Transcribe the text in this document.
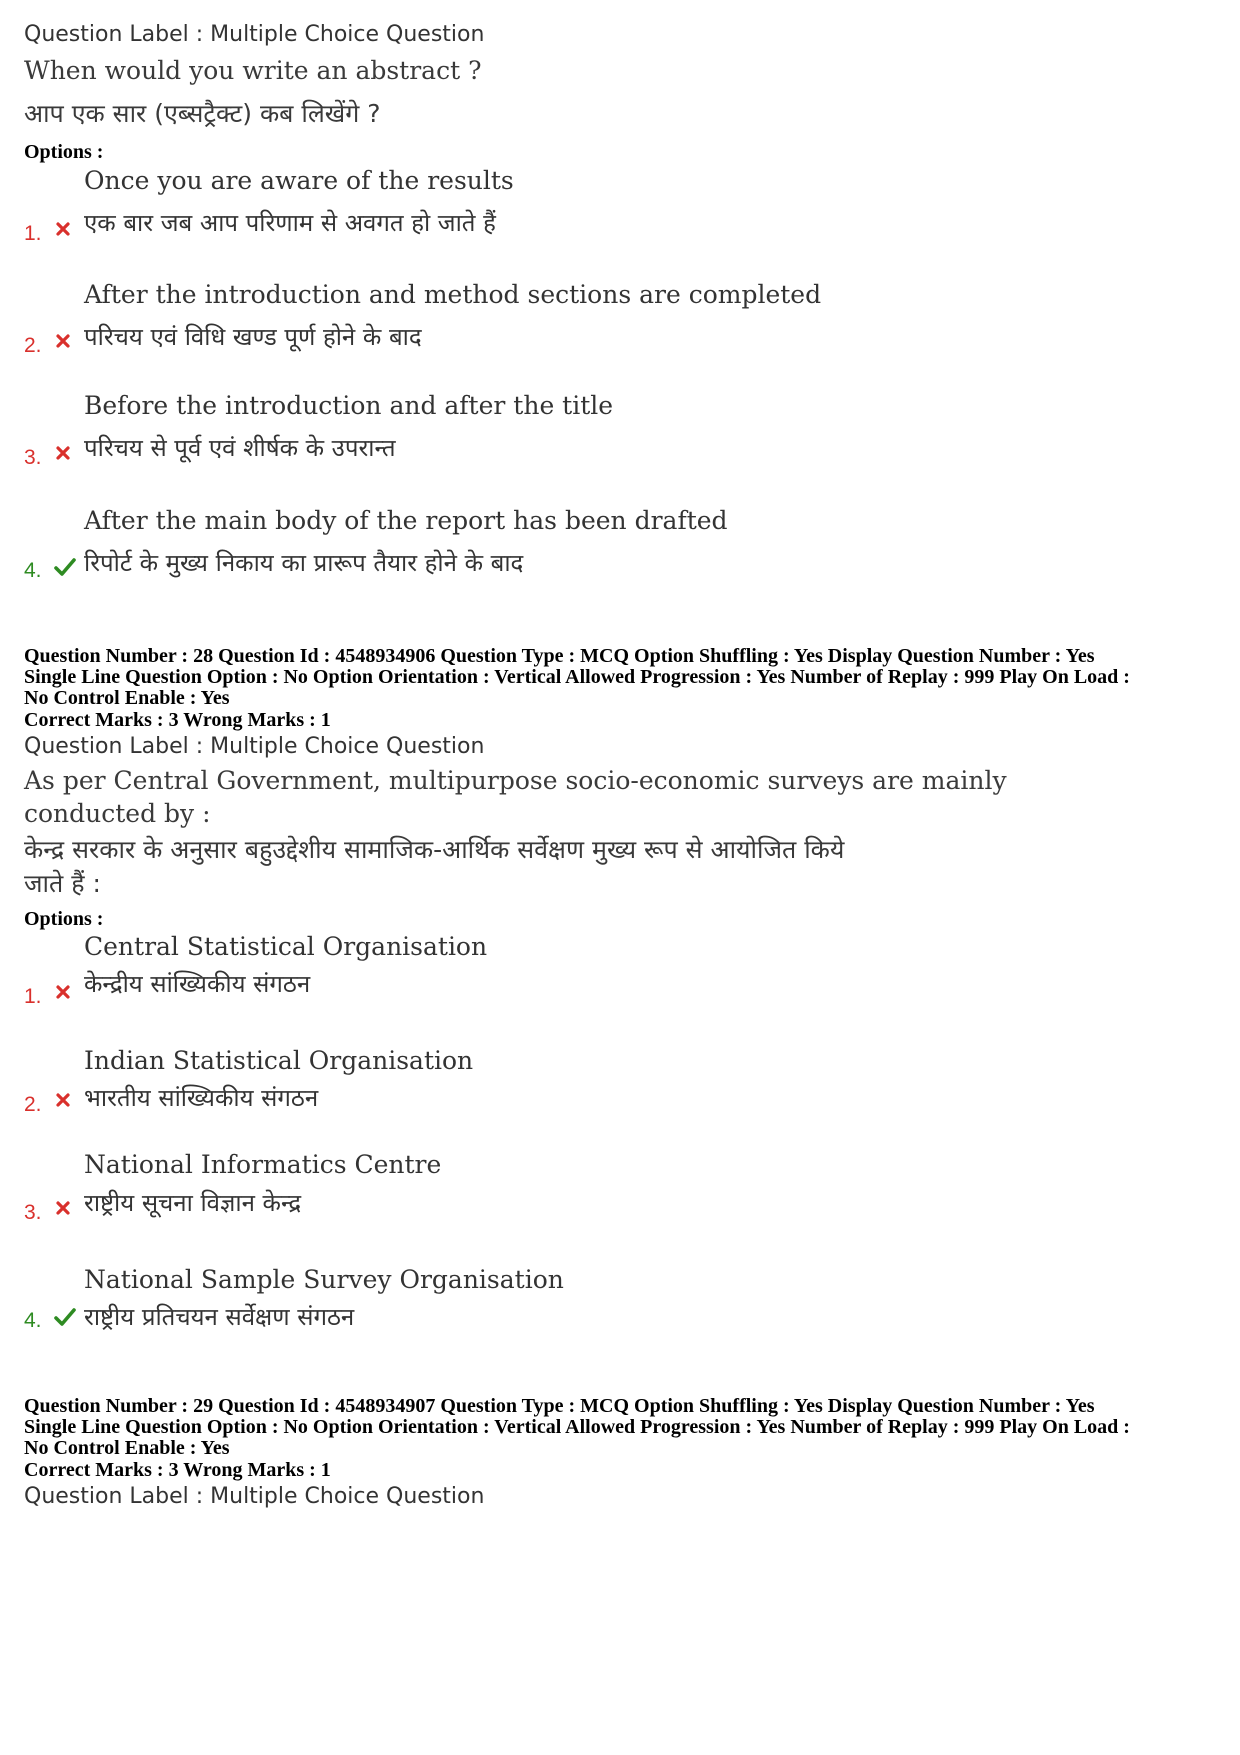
Question Label : Multiple Choice Question
When would you write an abstract ?
आप एक सार (एब्सट्रैक्ट) कब लिखेंगे ?
Options :
Once you are aware of the results
एक बार जब आप परिणाम से अवगत हो जाते हैं
1.
After the introduction and method sections are completed
परिचय एवं विधि खण्ड पूर्ण होने के बाद
2.
Before the introduction and after the title
परिचय से पूर्व एवं शीर्षक के उपरान्त
3.
After the main body of the report has been drafted
रिपोर्ट के मुख्य निकाय का प्रारूप तैयार होने के बाद
4.
Question Number : 28 Question Id : 4548934906 Question Type : MCQ Option Shuffling : Yes Display Question Number : Yes
Single Line Question Option : No Option Orientation : Vertical Allowed Progression : Yes Number of Replay : 999 Play On Load :
No Control Enable : Yes
Correct Marks : 3 Wrong Marks : 1
Question Label : Multiple Choice Question
As per Central Government, multipurpose socio-economic surveys are mainly
conducted by :
केन्द्र सरकार के अनुसार बहुउद्देशीय सामाजिक-आर्थिक सर्वेक्षण मुख्य रूप से आयोजित किये
जाते हैं :
Options :
Central Statistical Organisation
केन्द्रीय सांख्यिकीय संगठन
1.
Indian Statistical Organisation
भारतीय सांख्यिकीय संगठन
2.
National Informatics Centre
राष्ट्रीय सूचना विज्ञान केन्द्र
3.
National Sample Survey Organisation
राष्ट्रीय प्रतिचयन सर्वेक्षण संगठन
4.
Question Number : 29 Question Id : 4548934907 Question Type : MCQ Option Shuffling : Yes Display Question Number : Yes
Single Line Question Option : No Option Orientation : Vertical Allowed Progression : Yes Number of Replay : 999 Play On Load :
No Control Enable : Yes
Correct Marks : 3 Wrong Marks : 1
Question Label : Multiple Choice Question
